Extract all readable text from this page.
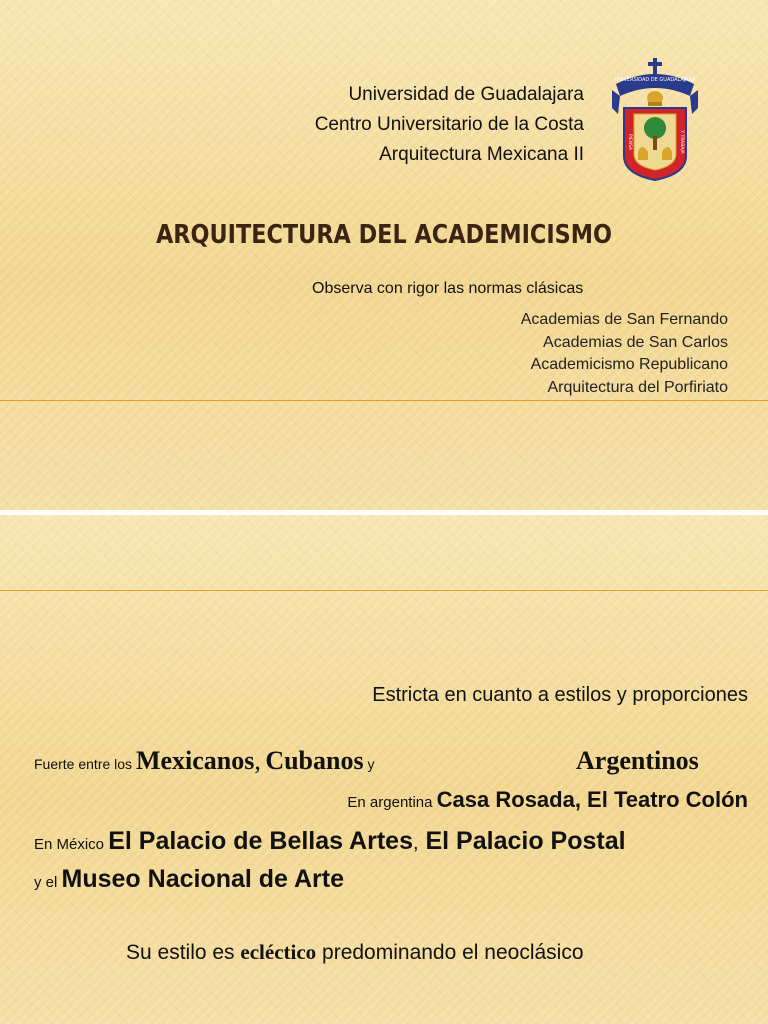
Universidad de Guadalajara
Centro Universitario de la Costa
Arquitectura Mexicana II
UNIVERSIDAD DE GUADALAJARA
PIENSA	Y TRABAJA
ARQUITECTURA DEL ACADEMICISMO
Observa con rigor las normas clásicas
Academias de San Fernando
Academias de San Carlos
Academicismo Republicano
Arquitectura del Porfiriato
Estricta en cuanto a estilos y proporciones
Fuerte entre los Mexicanos, Cubanos y	Argentinos
En argentina Casa Rosada, El Teatro Colón
En México El Palacio de Bellas Artes, El Palacio Postal
y el Museo Nacional de Arte
Su estilo es ecléctico predominando el neoclásico
